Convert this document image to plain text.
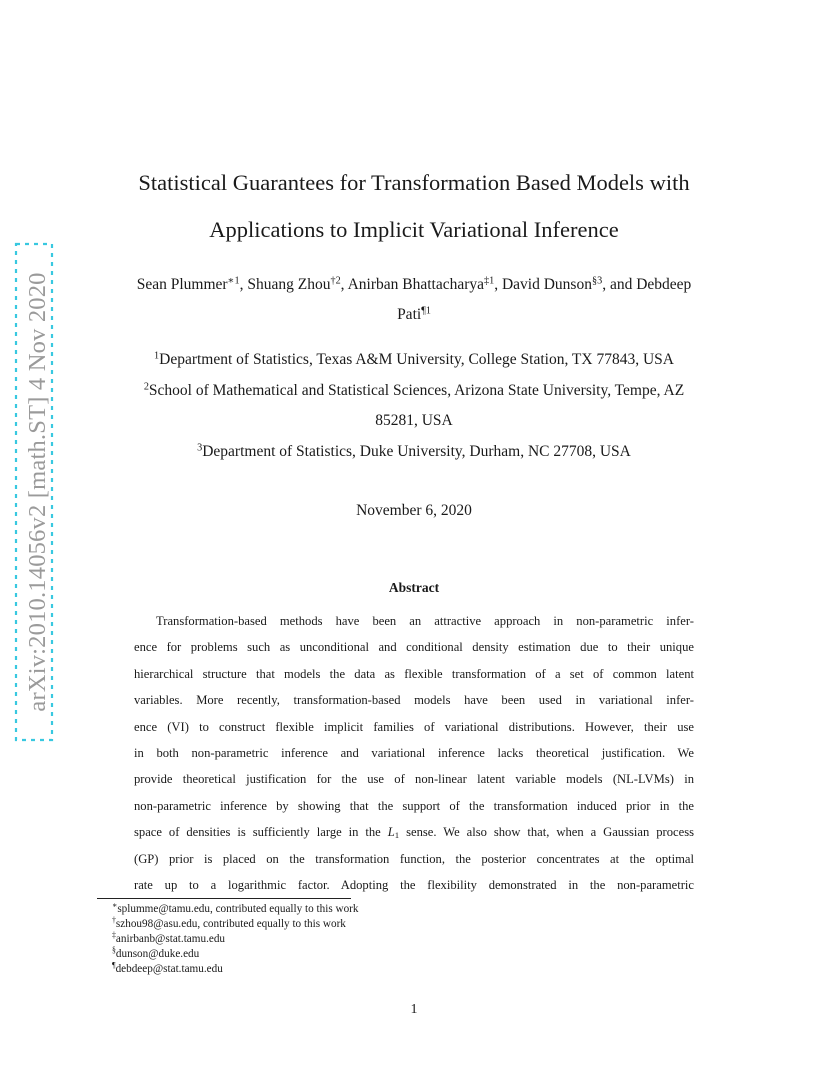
arXiv:2010.14056v2 [math.ST] 4 Nov 2020
Statistical Guarantees for Transformation Based Models with
Applications to Implicit Variational Inference
Sean Plummer$^{∗1}$, Shuang Zhou$^{\dagger 2}$, Anirban Bhattacharya$^{\ddagger 1}$, David Dunson$^{\S 3}$, and Debdeep
Pati$^{\P 1}$
$^1$Department of Statistics, Texas A&M University, College Station, TX 77843, USA
$^2$School of Mathematical and Statistical Sciences, Arizona State University, Tempe, AZ
85281, USA
$^3$Department of Statistics, Duke University, Durham, NC 27708, USA
November 6, 2020
Abstract
Transformation-based methods have been an attractive approach in non-parametric infer-
ence for problems such as unconditional and conditional density estimation due to their unique
hierarchical structure that models the data as flexible transformation of a set of common latent
variables. More recently, transformation-based models have been used in variational infer-
ence (VI) to construct flexible implicit families of variational distributions. However, their use
in both non-parametric inference and variational inference lacks theoretical justification. We
provide theoretical justification for the use of non-linear latent variable models (NL-LVMs) in
non-parametric inference by showing that the support of the transformation induced prior in the
space of densities is sufficiently large in the $L_1$ sense. We also show that, when a Gaussian process
(GP) prior is placed on the transformation function, the posterior concentrates at the optimal
rate up to a logarithmic factor. Adopting the flexibility demonstrated in the non-parametric
∗splumme@tamu.edu, contributed equally to this work
†szhou98@asu.edu, contributed equally to this work
‡anirbanb@stat.tamu.edu
§dunson@duke.edu
¶debdeep@stat.tamu.edu
1
